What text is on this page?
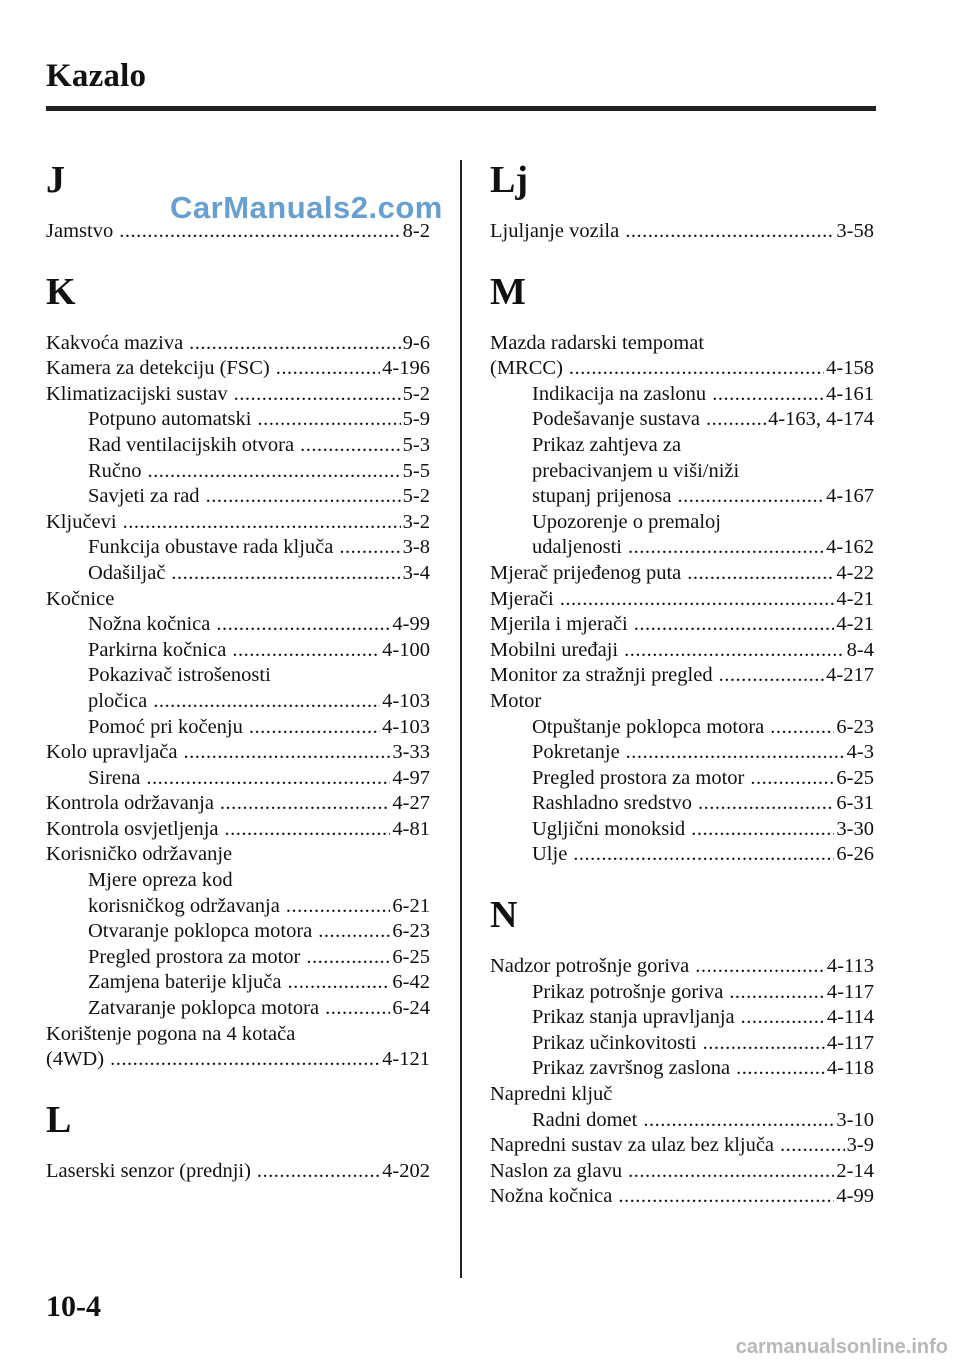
Kazalo
J
Jamstvo .....	8-2
K
Kakvoća maziva .....	9-6
Kamera za detekciju (FSC) .....	4-196
Klimatizacijski sustav .....	5-2
Potpuno automatski .....	5-9
Rad ventilacijskih otvora .....	5-3
Ručno .....	5-5
Savjeti za rad .....	5-2
Ključevi .....	3-2
Funkcija obustave rada ključa .....	3-8
Odašiljač .....	3-4
Kočnice
Nožna kočnica .....	4-99
Parkirna kočnica .....	4-100
Pokazivač istrošenosti
pločica .....	4-103
Pomoć pri kočenju .....	4-103
Kolo upravljača .....	3-33
Sirena .....	4-97
Kontrola održavanja .....	4-27
Kontrola osvjetljenja .....	4-81
Korisničko održavanje
Mjere opreza kod
korisničkog održavanja .....	6-21
Otvaranje poklopca motora .....	6-23
Pregled prostora za motor .....	6-25
Zamjena baterije ključa .....	6-42
Zatvaranje poklopca motora .....	6-24
Korištenje pogona na 4 kotača
(4WD) .....	4-121
L
Laserski senzor (prednji) .....	4-202
Lj
Ljuljanje vozila .....	3-58
M
Mazda radarski tempomat
(MRCC) .....	4-158
Indikacija na zaslonu .....	4-161
Podešavanje sustava .....	4-163, 4-174
Prikaz zahtjeva za
prebacivanjem u viši/niži
stupanj prijenosa .....	4-167
Upozorenje o premaloj
udaljenosti .....	4-162
Mjerač prijeđenog puta .....	4-22
Mjerači .....	4-21
Mjerila i mjerači .....	4-21
Mobilni uređaji .....	8-4
Monitor za stražnji pregled .....	4-217
Motor
Otpuštanje poklopca motora .....	6-23
Pokretanje .....	4-3
Pregled prostora za motor .....	6-25
Rashladno sredstvo .....	6-31
Ugljični monoksid .....	3-30
Ulje .....	6-26
N
Nadzor potrošnje goriva .....	4-113
Prikaz potrošnje goriva .....	4-117
Prikaz stanja upravljanja .....	4-114
Prikaz učinkovitosti .....	4-117
Prikaz završnog zaslona .....	4-118
Napredni ključ
Radni domet .....	3-10
Napredni sustav za ulaz bez ključa .....	3-9
Naslon za glavu .....	2-14
Nožna kočnica .....	4-99
CarManuals2.com
10-4
carmanualsonline.info
